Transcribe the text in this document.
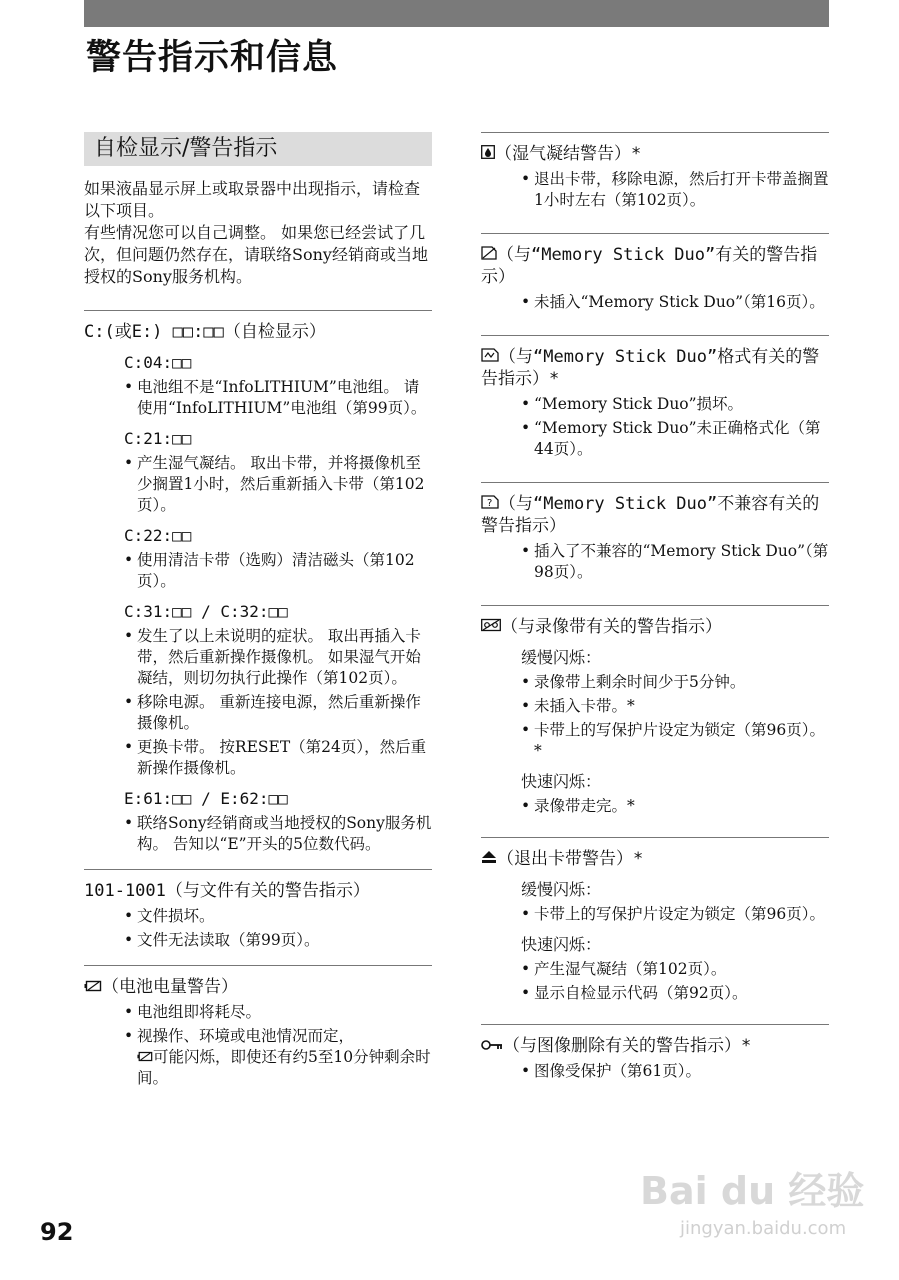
警告指示和信息
自检显示/警告指示
如果液晶显示屏上或取景器中出现指示，请检查以下项目。
有些情况您可以自己调整。 如果您已经尝试了几次，但问题仍然存在，请联络Sony经销商或当地授权的Sony服务机构。
C:(或E:) □□:□□（自检显示）
C:04:□□
• 电池组不是“InfoLITHIUM”电池组。 请使用“InfoLITHIUM”电池组（第99页）。
C:21:□□
• 产生湿气凝结。 取出卡带，并将摄像机至少搁置1小时，然后重新插入卡带（第102页）。
C:22:□□
• 使用清洁卡带（选购）清洁磁头（第102页）。
C:31:□□ / C:32:□□
• 发生了以上未说明的症状。 取出再插入卡带，然后重新操作摄像机。 如果湿气开始凝结，则切勿执行此操作（第102页）。
• 移除电源。 重新连接电源，然后重新操作摄像机。
• 更换卡带。 按RESET（第24页），然后重新操作摄像机。
E:61:□□ / E:62:□□
• 联络Sony经销商或当地授权的Sony服务机构。 告知以“E”开头的5位数代码。
101-1001（与文件有关的警告指示）
• 文件损坏。
• 文件无法读取（第99页）。
（电池电量警告）
• 电池组即将耗尽。
• 视操作、环境或电池情况而定，
可能闪烁，即使还有约5至10分钟剩余时间。
（湿气凝结警告）*
• 退出卡带，移除电源，然后打开卡带盖搁置1小时左右（第102页）。
（与“Memory Stick Duo”有关的警告指示）
• 未插入“Memory Stick Duo”（第16页）。
（与“Memory Stick Duo”格式有关的警告指示）*
• “Memory Stick Duo”损坏。
• “Memory Stick Duo”未正确格式化（第44页）。
? （与“Memory Stick Duo”不兼容有关的警告指示）
• 插入了不兼容的“Memory Stick Duo”（第98页）。
（与录像带有关的警告指示）
缓慢闪烁：
• 录像带上剩余时间少于5分钟。
• 未插入卡带。*
• 卡带上的写保护片设定为锁定（第96页）。*
快速闪烁：
• 录像带走完。*
（退出卡带警告）*
缓慢闪烁：
• 卡带上的写保护片设定为锁定（第96页）。
快速闪烁：
• 产生湿气凝结（第102页）。
• 显示自检显示代码（第92页）。
（与图像删除有关的警告指示）*
• 图像受保护（第61页）。
92
Bai du 经验
jingyan.baidu.com
